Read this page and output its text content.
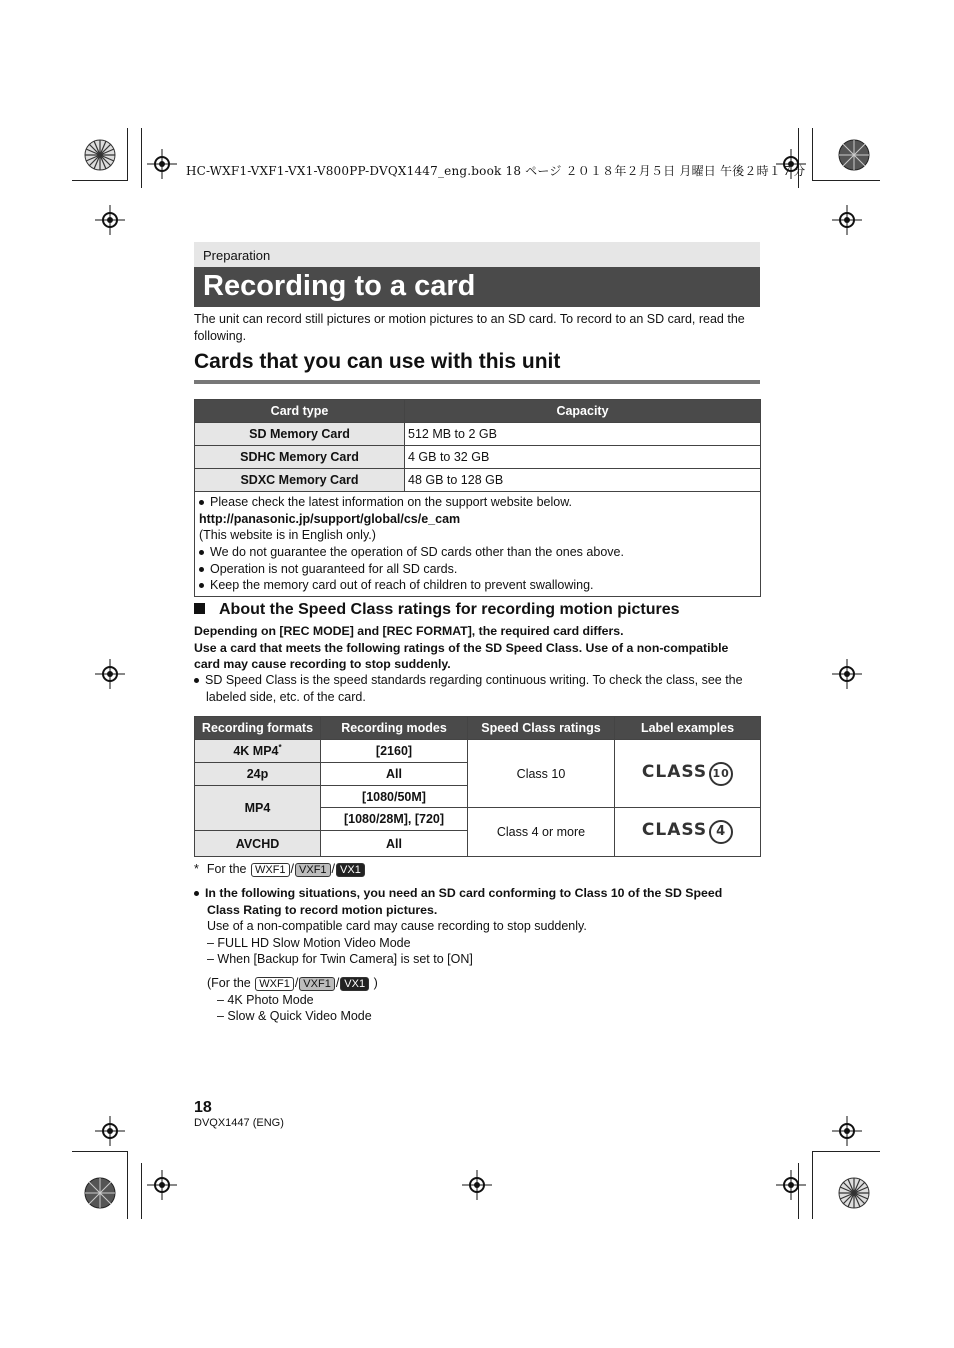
HC-WXF1-VXF1-VX1-V800PP-DVQX1447_eng.book 18 ページ ２０１８年２月５日 月曜日 午後２時１７分
Preparation
Recording to a card
The unit can record still pictures or motion pictures to an SD card. To record to an SD card, read the
following.
Cards that you can use with this unit
Card type	Capacity
SD Memory Card	512 MB to 2 GB
SDHC Memory Card	4 GB to 32 GB
SDXC Memory Card	48 GB to 128 GB
Please check the latest information on the support website below.
http://panasonic.jp/support/global/cs/e_cam
(This website is in English only.)
We do not guarantee the operation of SD cards other than the ones above.
Operation is not guaranteed for all SD cards.
Keep the memory card out of reach of children to prevent swallowing.
About the Speed Class ratings for recording motion pictures
Depending on [REC MODE] and [REC FORMAT], the required card differs.
Use a card that meets the following ratings of the SD Speed Class. Use of a non-compatible
card may cause recording to stop suddenly.
SD Speed Class is the speed standards regarding continuous writing. To check the class, see the
labeled side, etc. of the card.
Recording formats	Recording modes	Speed Class ratings	Label examples
4K MP4*	[2160]	Class 10	CLASS 10
24p	All		
MP4	[1080/50M]		
	[1080/28M], [720]	Class 4 or more	CLASS 4
AVCHD	All		
* For the WXF1 / VXF1 / VX1
In the following situations, you need an SD card conforming to Class 10 of the SD Speed
Class Rating to record motion pictures.
Use of a non-compatible card may cause recording to stop suddenly.
– FULL HD Slow Motion Video Mode
– When [Backup for Twin Camera] is set to [ON]
(For the WXF1 / VXF1 / VX1 )
– 4K Photo Mode
– Slow & Quick Video Mode
18
DVQX1447 (ENG)
